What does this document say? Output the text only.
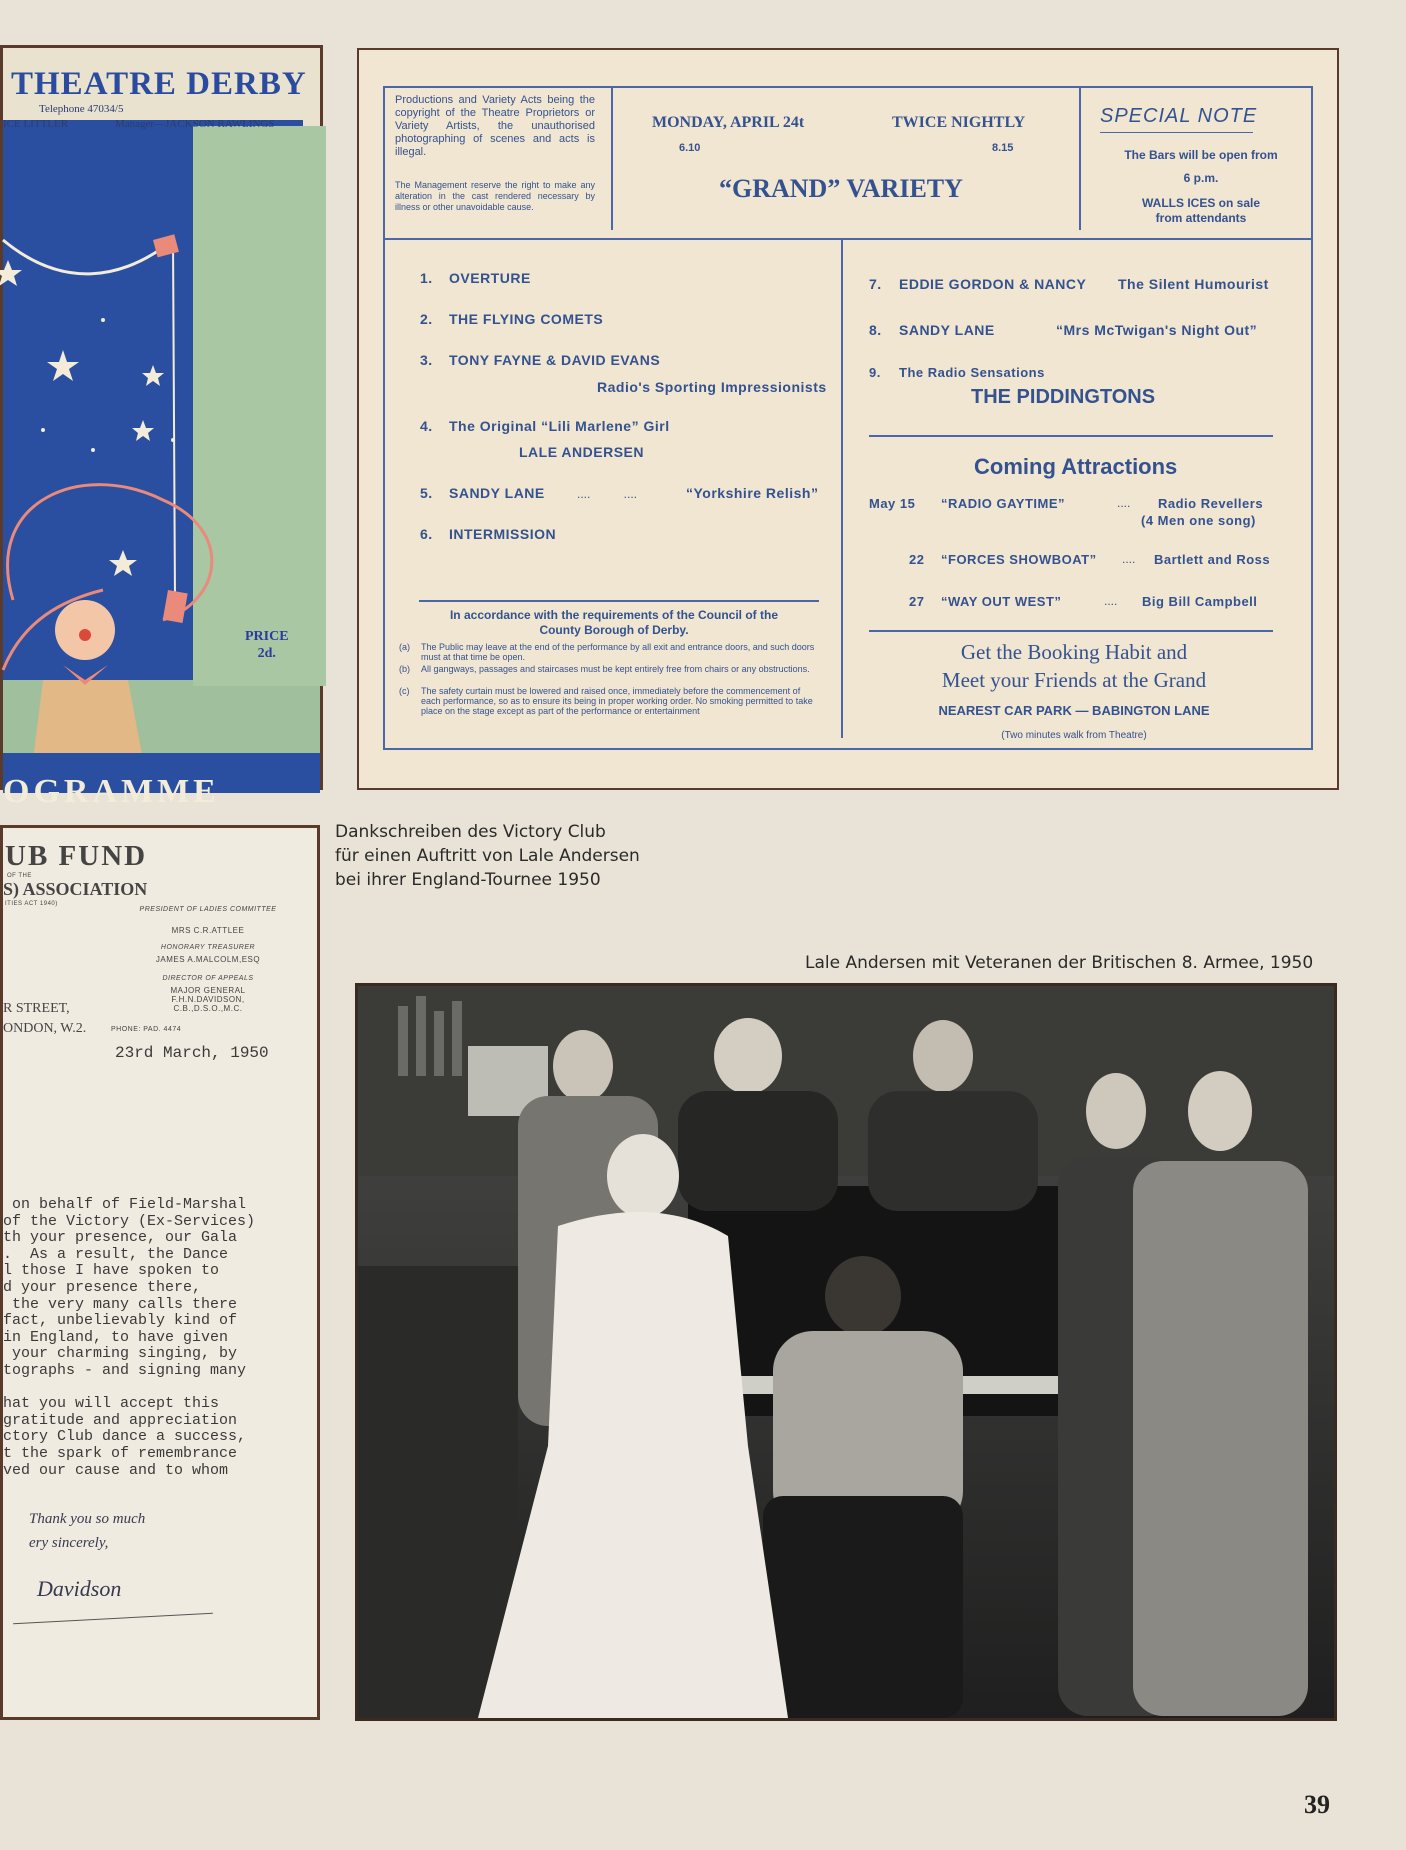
THEATRE DERBY
Telephone 47034/5
ICE LITTLER	Manager—JACKSON RAWLINGS
PRICE
2d.
OGRAMME
Productions and Variety Acts being the copyright of the Theatre Proprietors or Variety Artists, the unauthorised photographing of scenes and acts is illegal.
The Management reserve the right to make any alteration in the cast rendered necessary by illness or other unavoidable cause.
MONDAY, APRIL 24t
6.10
TWICE NIGHTLY
8.15
“GRAND” VARIETY
SPECIAL NOTE
The Bars will be open from
6 p.m.
WALLS ICES on sale
from attendants
1. OVERTURE
2. THE FLYING COMETS
3. TONY FAYNE & DAVID EVANS
Radio's Sporting Impressionists
4. The Original “Lili Marlene” Girl
LALE ANDERSEN
5. SANDY LANE	....          ....	“Yorkshire Relish”
6. INTERMISSION
In accordance with the requirements of the Council of the
County Borough of Derby.
(a) The Public may leave at the end of the performance by all exit and entrance doors, and such doors must at that time be open.
(b) All gangways, passages and staircases must be kept entirely free from chairs or any obstructions.
(c) The safety curtain must be lowered and raised once, immediately before the commencement of each performance, so as to ensure its being in proper working order. No smoking permitted to take place on the stage except as part of the performance or entertainment
7. EDDIE GORDON & NANCY The Silent Humourist
8. SANDY LANE	“Mrs McTwigan's Night Out”
9. The Radio Sensations
THE PIDDINGTONS
Coming Attractions
May 15 “RADIO GAYTIME”	.... Radio Revellers
(4 Men one song)
22 “FORCES SHOWBOAT” .... Bartlett and Ross
27 “WAY OUT WEST”	.... Big Bill Campbell
Get the Booking Habit and
Meet your Friends at the Grand
NEAREST CAR PARK — BABINGTON LANE
(Two minutes walk from Theatre)
UB FUND
OF THE
S) ASSOCIATION
ITIES ACT 1940)
PRESIDENT OF LADIES COMMITTEE
MRS C.R.ATTLEE
HONORARY TREASURER
JAMES A.MALCOLM,ESQ
DIRECTOR OF APPEALS
MAJOR GENERAL
F.H.N.DAVIDSON,
C.B.,D.S.O.,M.C.
R STREET,
ONDON, W.2.	PHONE: PAD. 4474
23rd March, 1950
on behalf of Field-Marshal
of the Victory (Ex-Services)
th your presence, our Gala
.  As a result, the Dance
l those I have spoken to
d your presence there,
the very many calls there
fact, unbelievably kind of
in England, to have given
your charming singing, by
tographs - and signing many
hat you will accept this
gratitude and appreciation
ctory Club dance a success,
t the spark of remembrance
ved our cause and to whom
Thank you so much
ery sincerely,
Davidson
Dankschreiben des Victory Club
für einen Auftritt von Lale Andersen
bei ihrer England-Tournee 1950
Lale Andersen mit Veteranen der Britischen 8. Armee, 1950
39
